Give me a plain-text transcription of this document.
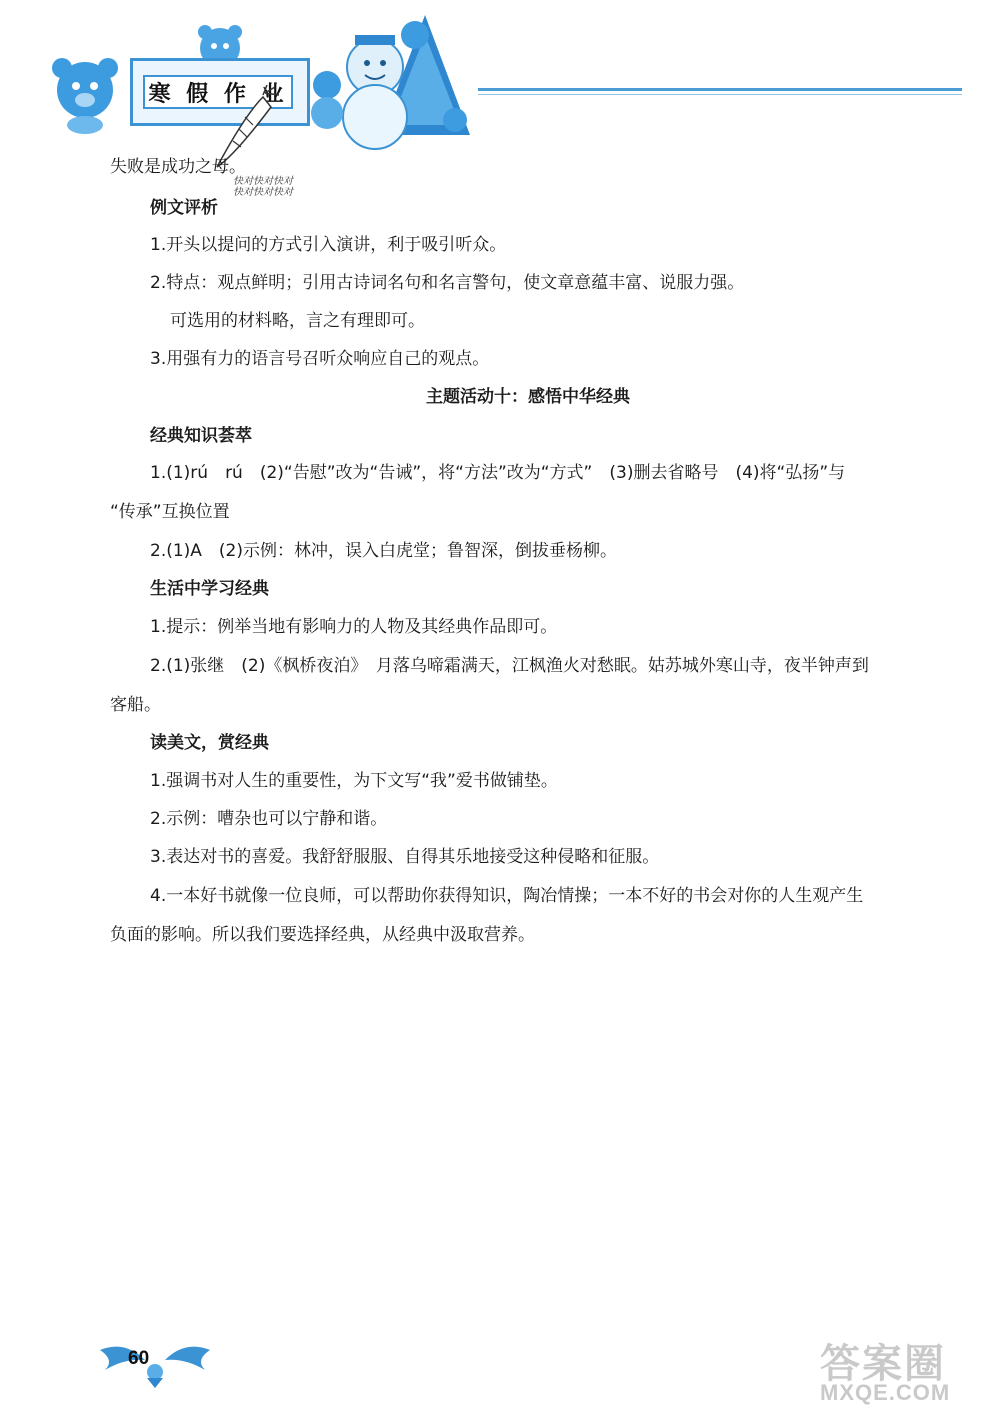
寒 假 作 业
快对快对快对
快对快对快对
失败是成功之母。
例文评析
1.开头以提问的方式引入演讲，利于吸引听众。
2.特点：观点鲜明；引用古诗词名句和名言警句，使文章意蕴丰富、说服力强。
可选用的材料略，言之有理即可。
3.用强有力的语言号召听众响应自己的观点。
主题活动十：感悟中华经典
经典知识荟萃
1.(1)rú　rú　(2)“告慰”改为“告诫”，将“方法”改为“方式”　(3)删去省略号　(4)将“弘扬”与
“传承”互换位置
2.(1)A　(2)示例：林冲，误入白虎堂；鲁智深，倒拔垂杨柳。
生活中学习经典
1.提示：例举当地有影响力的人物及其经典作品即可。
2.(1)张继　(2)《枫桥夜泊》　月落乌啼霜满天，江枫渔火对愁眠。姑苏城外寒山寺，夜半钟声到
客船。
读美文，赏经典
1.强调书对人生的重要性，为下文写“我”爱书做铺垫。
2.示例：嘈杂也可以宁静和谐。
3.表达对书的喜爱。我舒舒服服、自得其乐地接受这种侵略和征服。
4.一本好书就像一位良师，可以帮助你获得知识，陶冶情操；一本不好的书会对你的人生观产生
负面的影响。所以我们要选择经典，从经典中汲取营养。
60	答案圈
MXQE.COM
